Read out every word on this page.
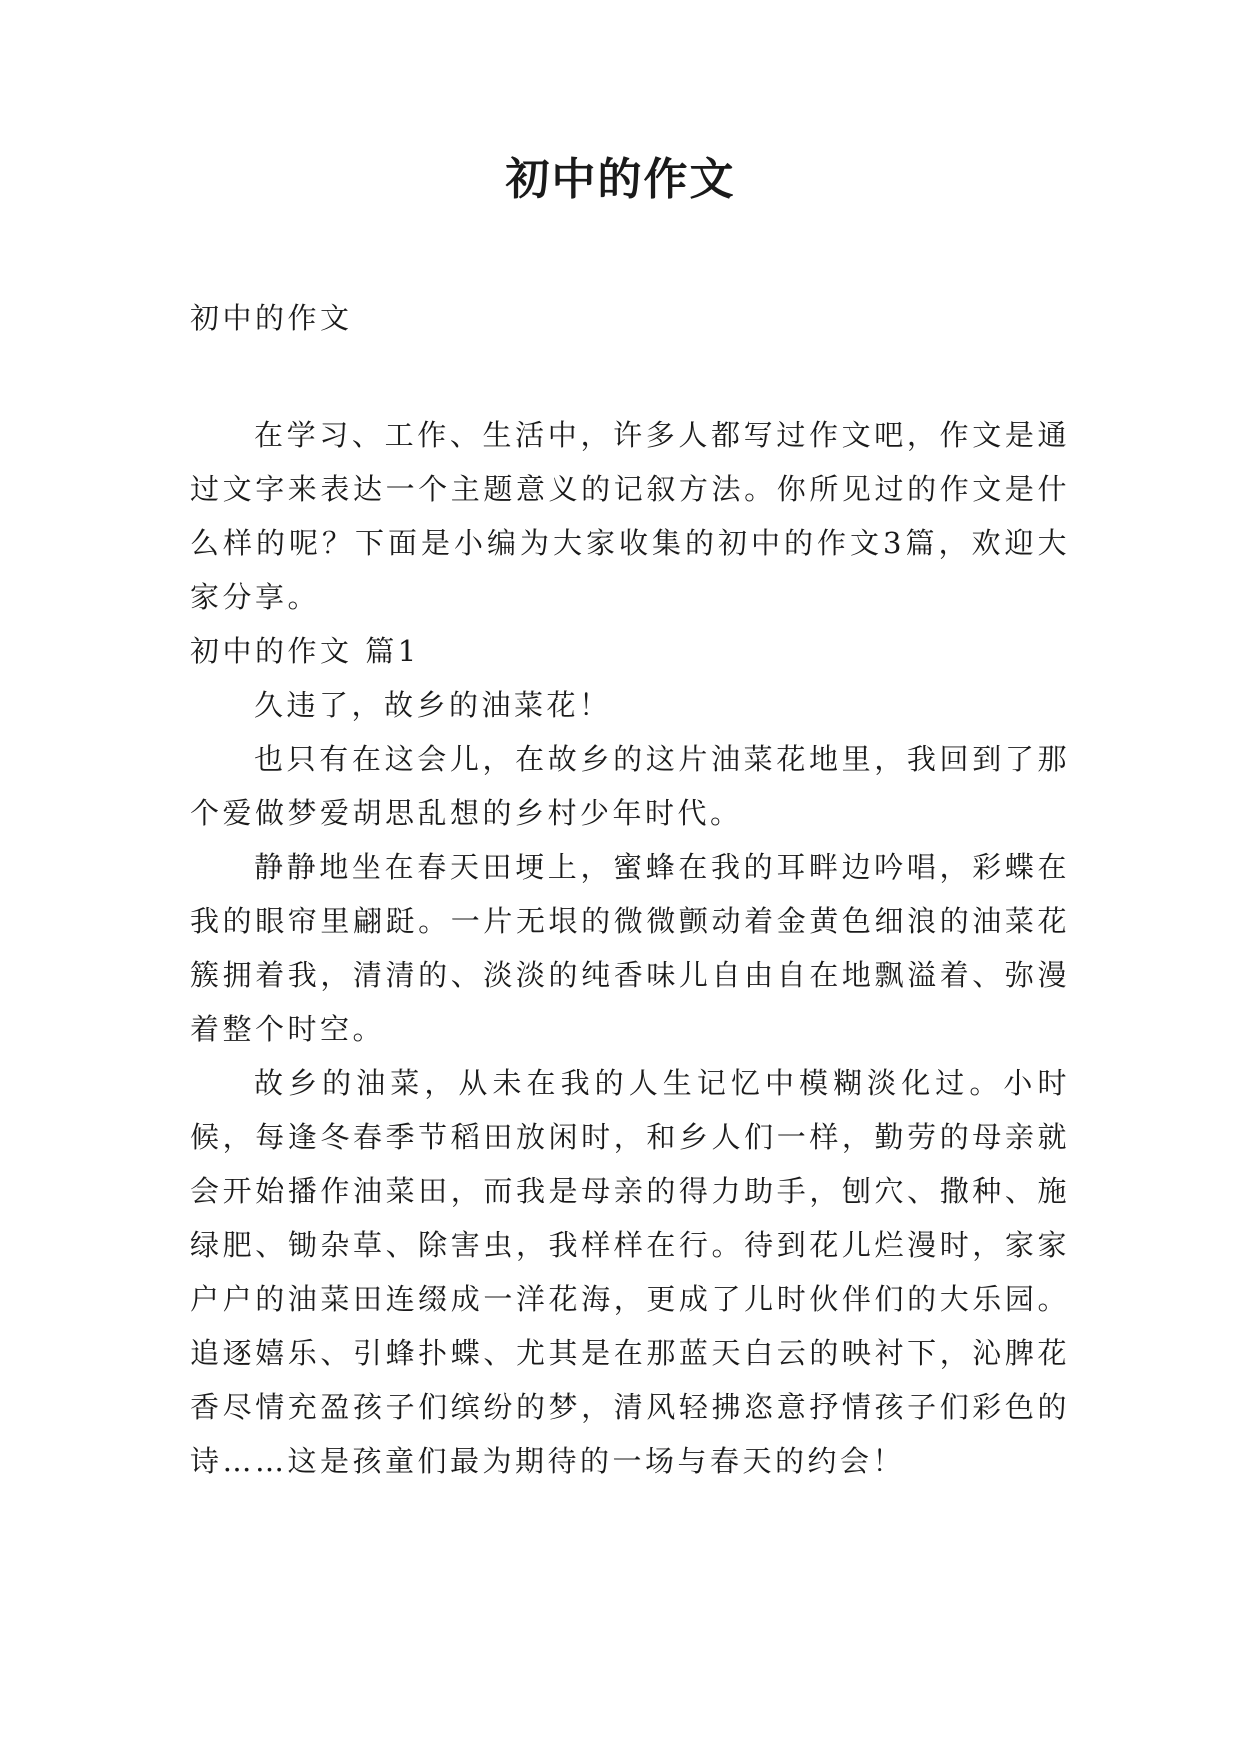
初中的作文

初中的作文

在学习、工作、生活中，许多人都写过作文吧，作文是通过文字来表达一个主题意义的记叙方法。你所见过的作文是什么样的呢？下面是小编为大家收集的初中的作文3篇，欢迎大家分享。

初中的作文 篇1

久违了，故乡的油菜花！

也只有在这会儿，在故乡的这片油菜花地里，我回到了那个爱做梦爱胡思乱想的乡村少年时代。

静静地坐在春天田埂上，蜜蜂在我的耳畔边吟唱，彩蝶在我的眼帘里翩跹。一片无垠的微微颤动着金黄色细浪的油菜花簇拥着我，清清的、淡淡的纯香味儿自由自在地飘溢着、弥漫着整个时空。

故乡的油菜，从未在我的人生记忆中模糊淡化过。小时候，每逢冬春季节稻田放闲时，和乡人们一样，勤劳的母亲就会开始播作油菜田，而我是母亲的得力助手，刨穴、撒种、施绿肥、锄杂草、除害虫，我样样在行。待到花儿烂漫时，家家户户的油菜田连缀成一洋花海，更成了儿时伙伴们的大乐园。追逐嬉乐、引蜂扑蝶、尤其是在那蓝天白云的映衬下，沁脾花香尽情充盈孩子们缤纷的梦，清风轻拂恣意抒情孩子们彩色的诗……这是孩童们最为期待的一场与春天的约会！
